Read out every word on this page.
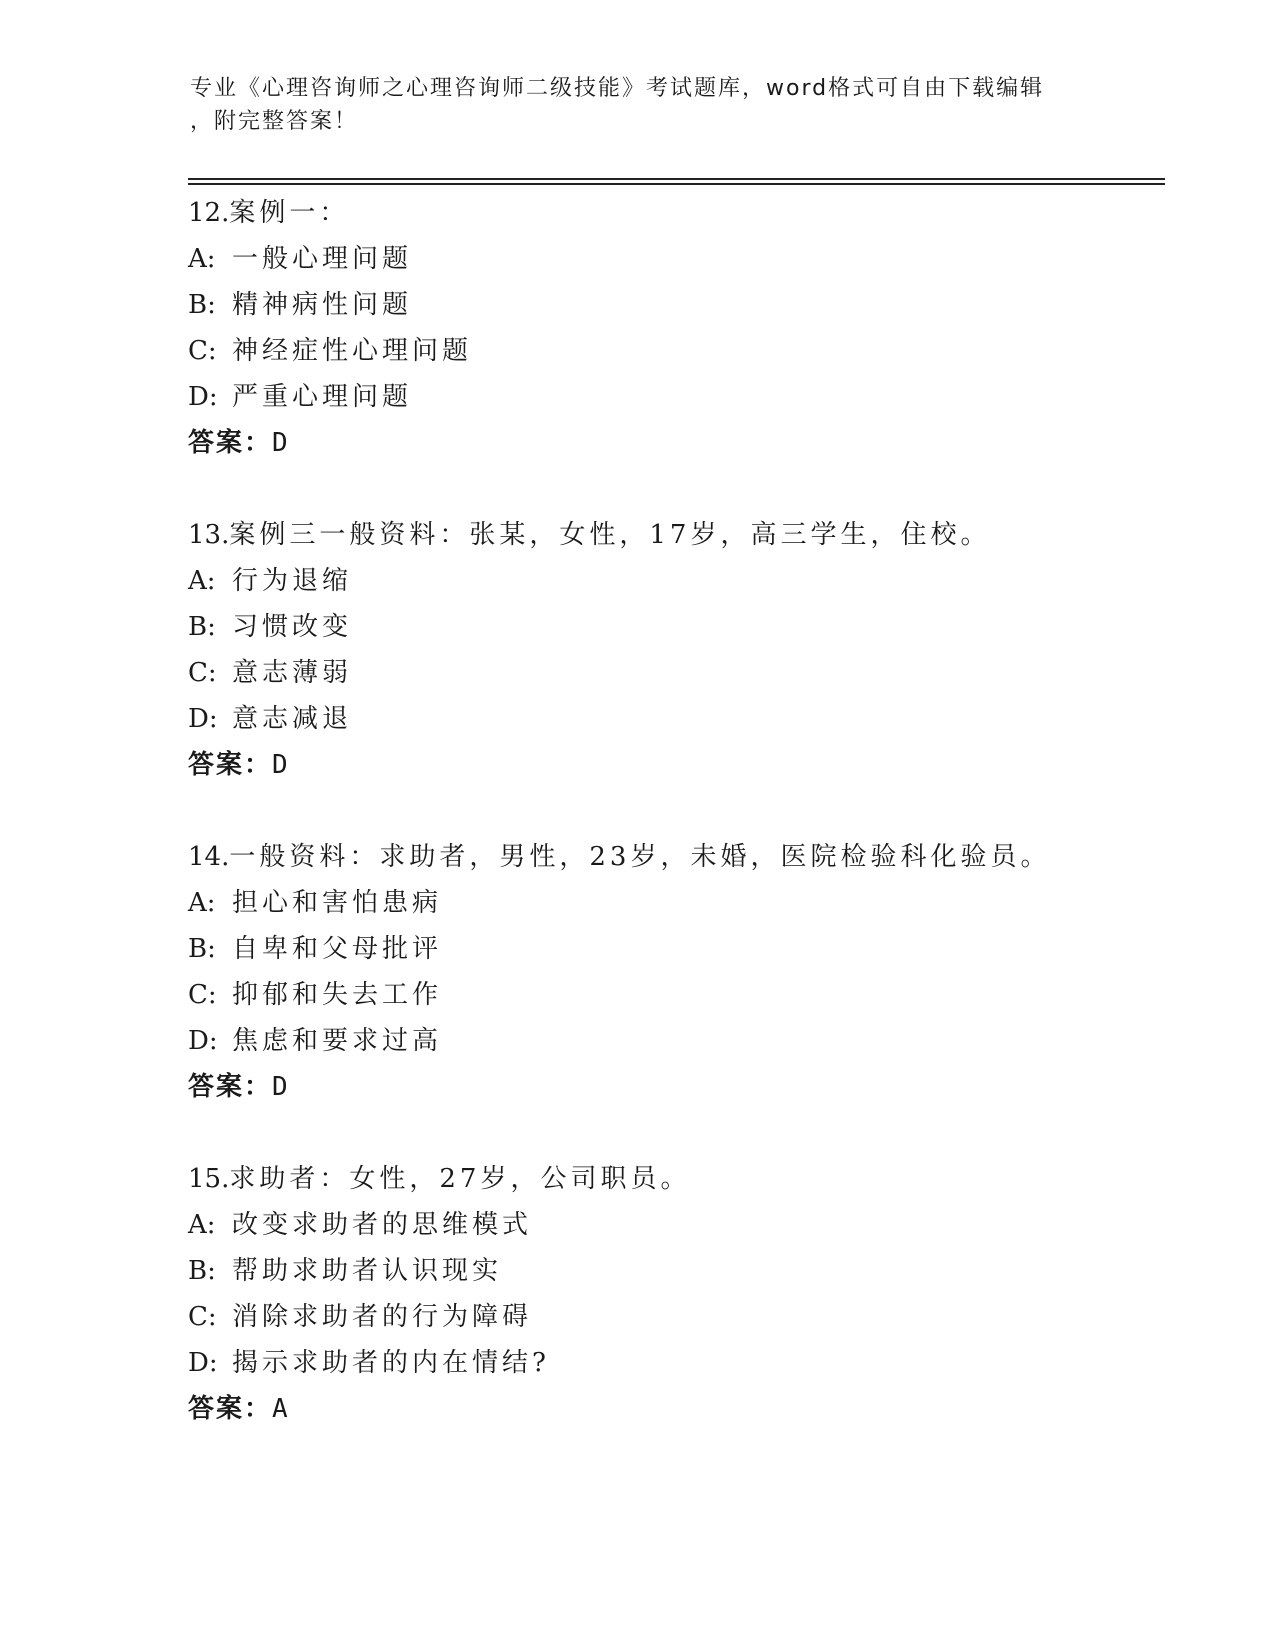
专业《心理咨询师之心理咨询师二级技能》考试题库，word格式可自由下载编辑
，附完整答案！
12.案例一：
A: 一般心理问题
B: 精神病性问题
C: 神经症性心理问题
D: 严重心理问题
答案：D
13.案例三一般资料：张某，女性，17岁，高三学生，住校。
A: 行为退缩
B: 习惯改变
C: 意志薄弱
D: 意志减退
答案：D
14.一般资料：求助者，男性，23岁，未婚，医院检验科化验员。
A: 担心和害怕患病
B: 自卑和父母批评
C: 抑郁和失去工作
D: 焦虑和要求过高
答案：D
15.求助者：女性，27岁，公司职员。
A: 改变求助者的思维模式
B: 帮助求助者认识现实
C: 消除求助者的行为障碍
D: 揭示求助者的内在情结?
答案：A
